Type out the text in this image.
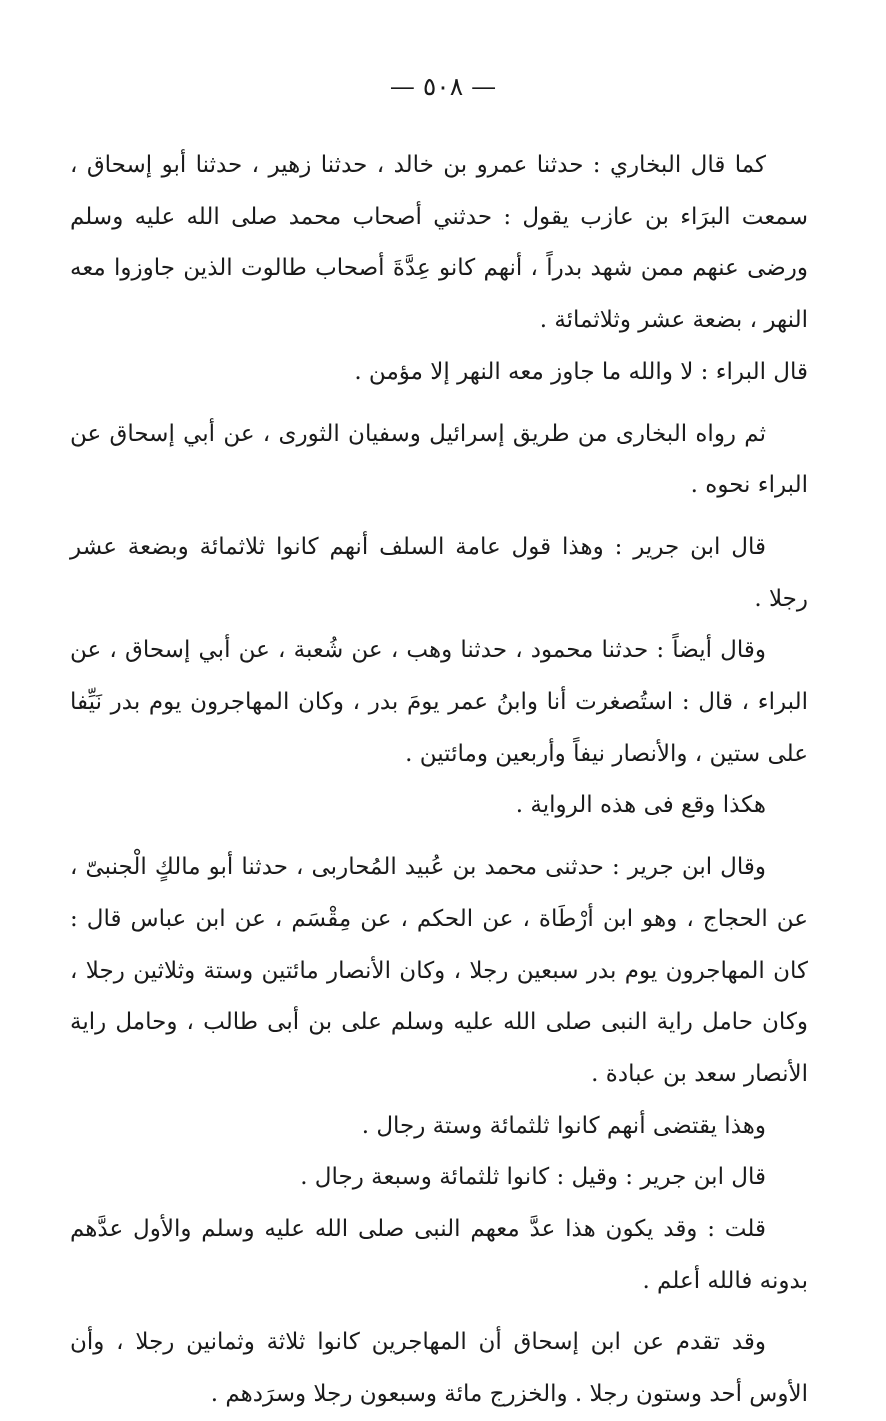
— ٥٠٨ —

كما قال البخاري : حدثنا عمرو بن خالد ، حدثنا زهير ، حدثنا أبو إسحاق ، سمعت البرَاء بن عازب يقول : حدثني أصحاب محمد صلى الله عليه وسلم ورضى عنهم ممن شهد بدراً ، أنهم كانو عِدَّةَ أصحاب طالوت الذين جاوزوا معه النهر ، بضعة عشر وثلاثمائة .

قال البراء : لا والله ما جاوز معه النهر إلا مؤمن .

ثم رواه البخارى من طريق إسرائيل وسفيان الثورى ، عن أبي إسحاق عن البراء نحوه .

قال ابن جرير : وهذا قول عامة السلف أنهم كانوا ثلاثمائة وبضعة عشر رجلا .

وقال أيضاً : حدثنا محمود ، حدثنا وهب ، عن شُعبة ، عن أبي إسحاق ، عن البراء ، قال : استُصغرت أنا وابنُ عمر يومَ بدر ، وكان المهاجرون يوم بدر نَيِّفا على ستين ، والأنصار نيفاً وأربعين ومائتين .

هكذا وقع فى هذه الرواية .

وقال ابن جرير : حدثنى محمد بن عُبيد المُحاربى ، حدثنا أبو مالكٍ الْجنبىّ ، عن الحجاج ، وهو ابن أرْطَاة ، عن الحكم ، عن مِقْسَم ، عن ابن عباس قال : كان المهاجرون يوم بدر سبعين رجلا ، وكان الأنصار مائتين وستة وثلاثين رجلا ، وكان حامل راية النبى صلى الله عليه وسلم على بن أبى طالب ، وحامل راية الأنصار سعد بن عبادة .

وهذا يقتضى أنهم كانوا ثلثمائة وستة رجال .

قال ابن جرير : وقيل : كانوا ثلثمائة وسبعة رجال .

قلت : وقد يكون هذا عدَّ معهم النبى صلى الله عليه وسلم والأول عدَّهم بدونه فالله أعلم .

وقد تقدم عن ابن إسحاق أن المهاجرين كانوا ثلاثة وثمانين رجلا ، وأن الأوس أحد وستون رجلا . والخزرج مائة وسبعون رجلا وسرَدهم .
